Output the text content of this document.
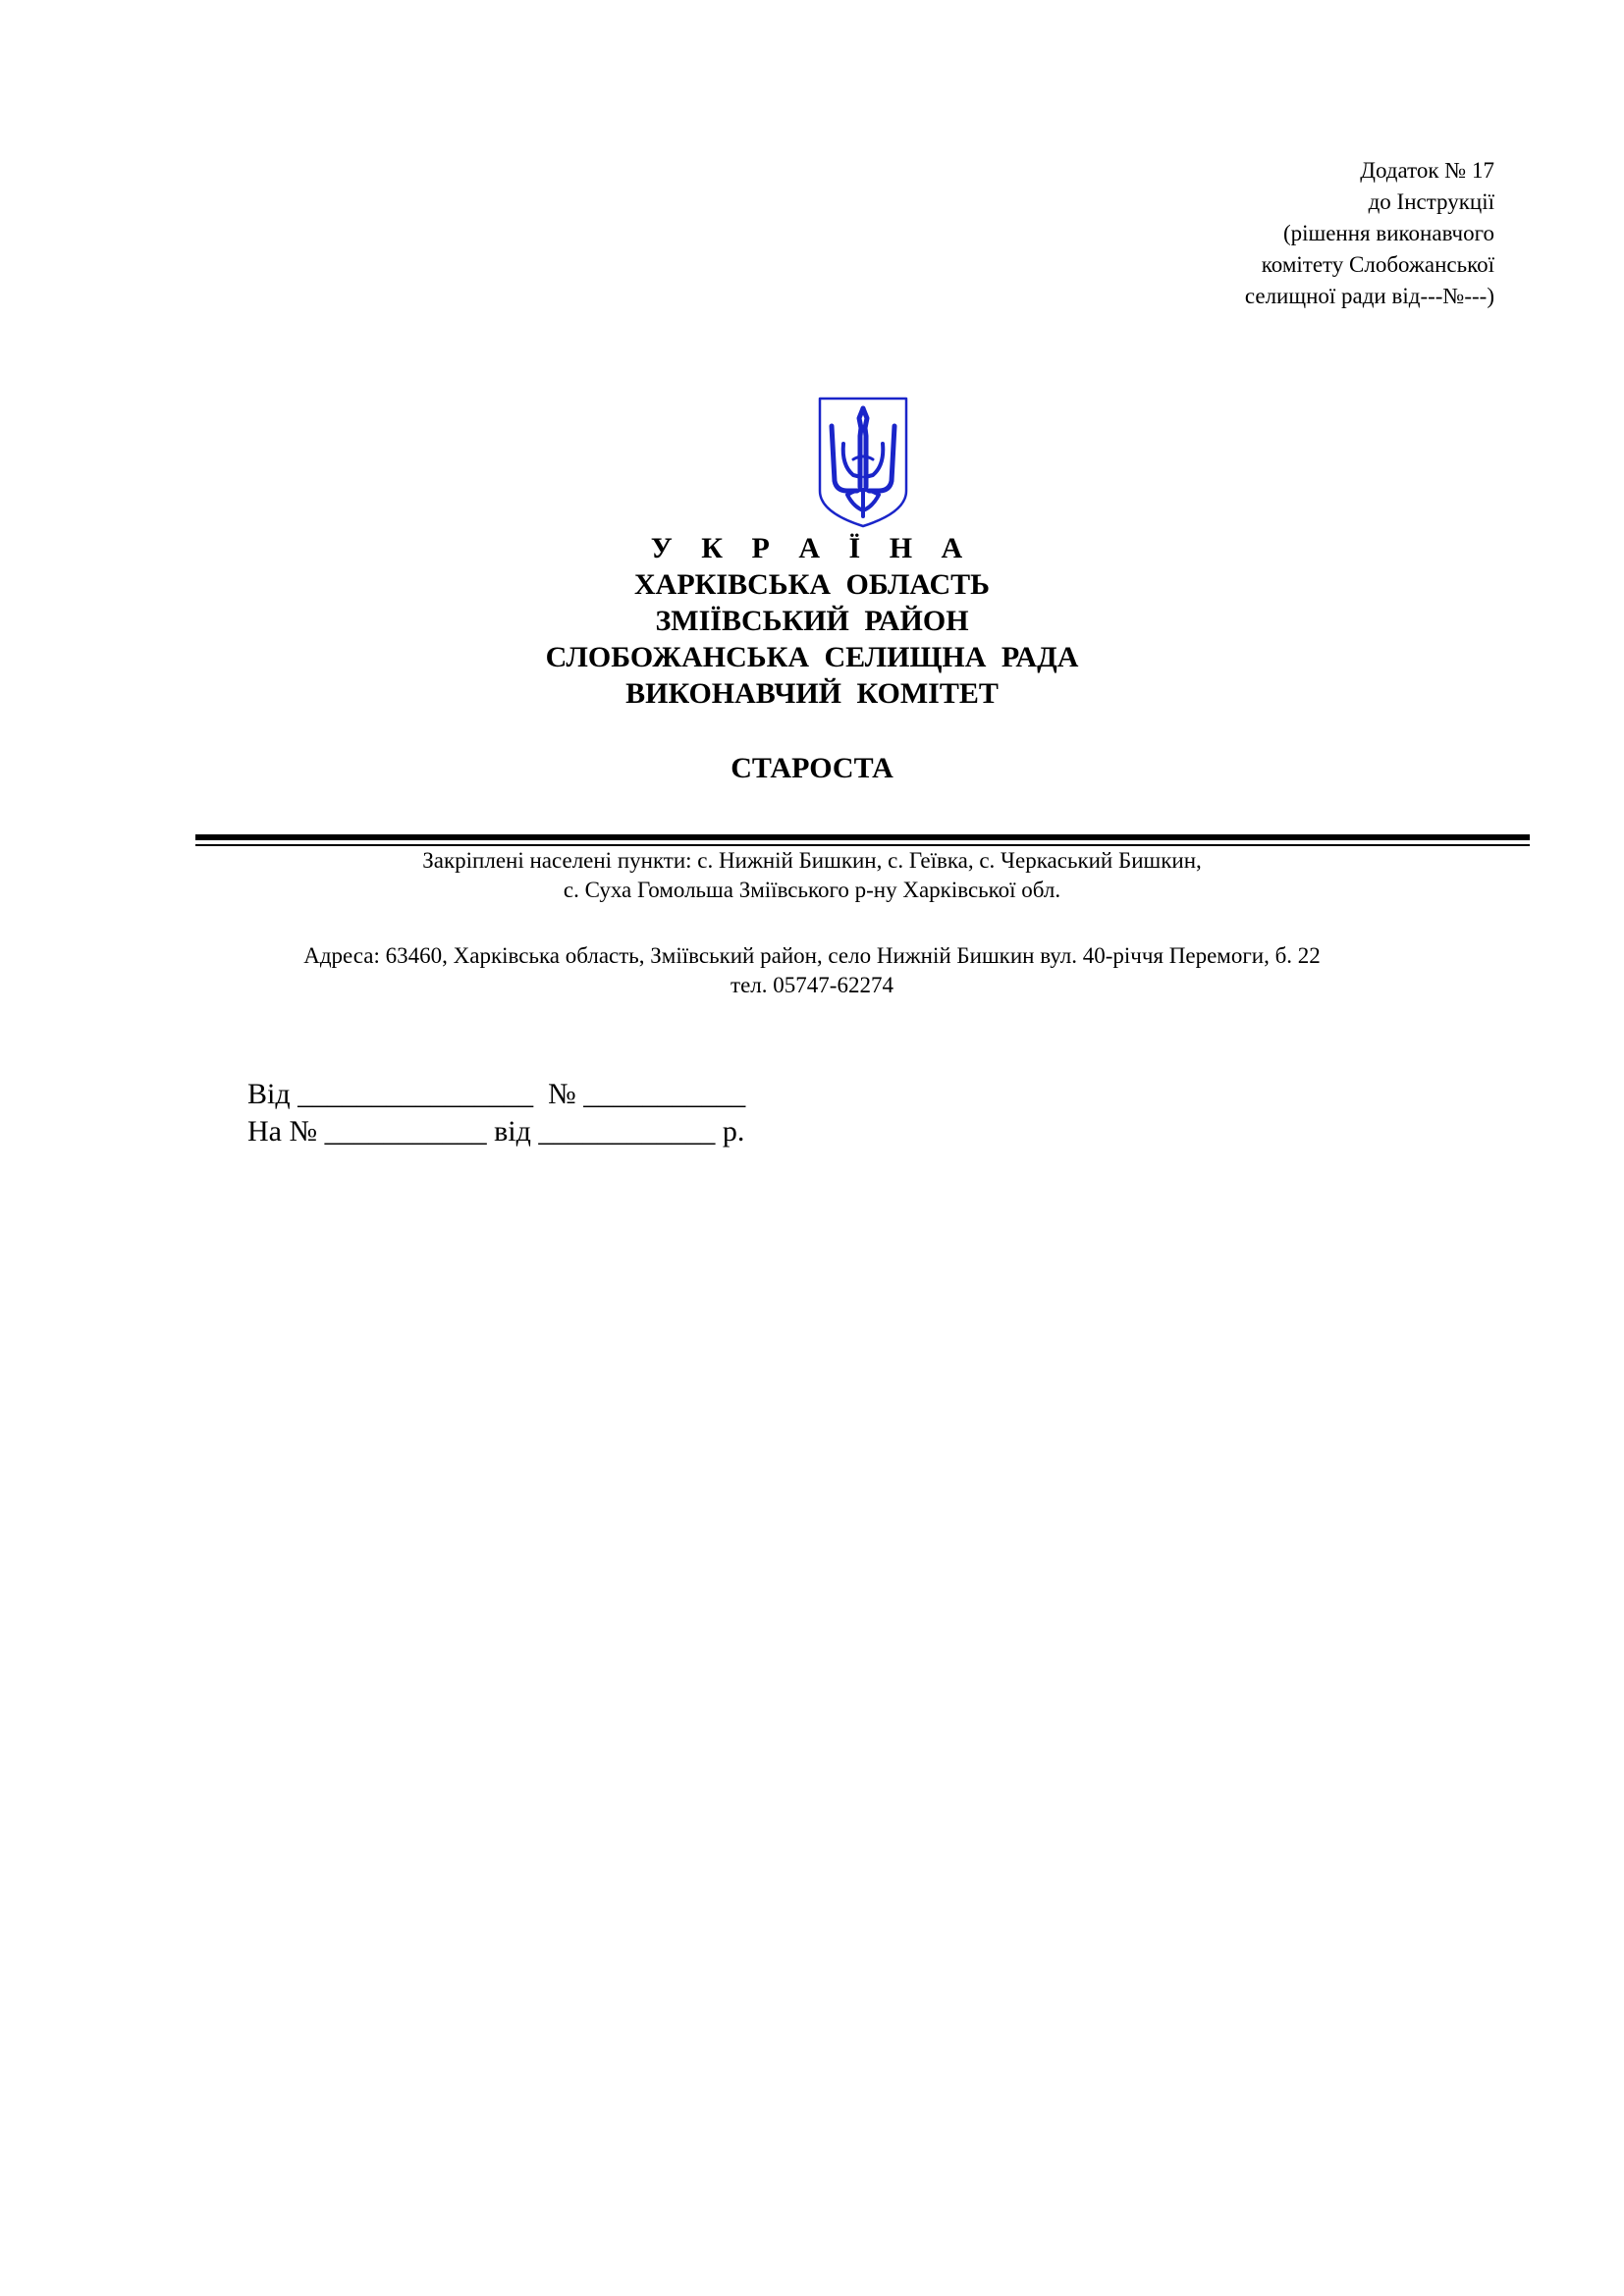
Додаток № 17
до Інструкції
(рішення виконавчого
комітету Слобожанської
селищної ради від---№---)
У К Р А Ї Н А
ХАРКІВСЬКА ОБЛАСТЬ
ЗМІЇВСЬКИЙ РАЙОН
СЛОБОЖАНСЬКА СЕЛИЩНА РАДА
ВИКОНАВЧИЙ КОМІТЕТ
СТАРОСТА
Закріплені населені пункти: с. Нижній Бишкин, с. Геївка, с. Черкаський Бишкин,
с. Суха Гомольша Зміївського р-ну Харківської обл.
Адреса: 63460, Харківська область, Зміївський район, село Нижній Бишкин вул. 40-річчя Перемоги, б. 22
тел. 05747-62274
Від ________________  № ___________
На № ___________ від ____________ р.
